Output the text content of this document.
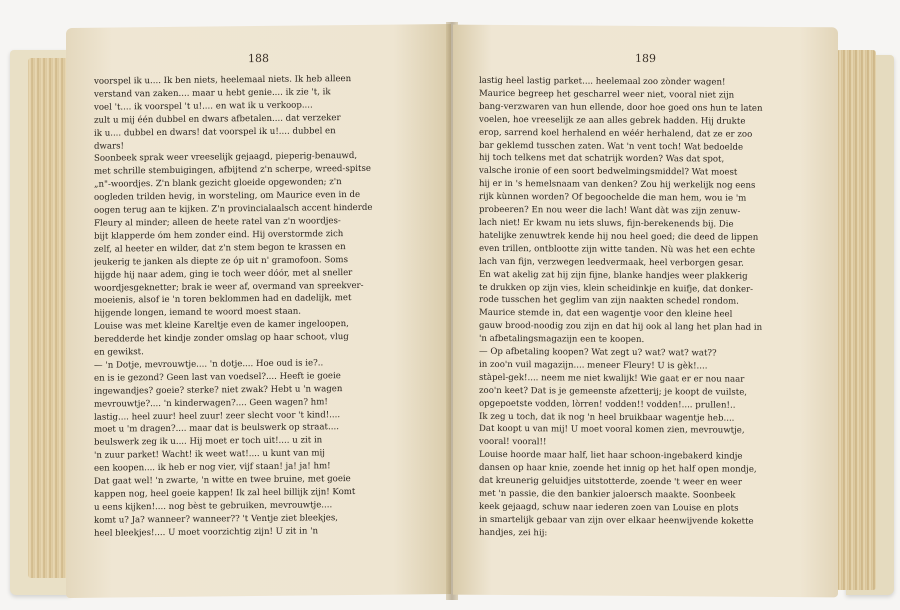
188
voorspel ik u.... Ik ben niets, heelemaal niets. Ik heb alleen
verstand van zaken.... maar u hebt genie.... ik zie 't, ik
voel 't.... ik voorspel 't u!.... en wat ik u verkoop....
zult u mij één dubbel en dwars afbetalen.... dat verzeker
ik u.... dubbel en dwars! dat voorspel ik u!.... dubbel en
dwars!
Soonbeek sprak weer vreeselijk gejaagd, pieperig-benauwd,
met schrille stembuigingen, afbijtend z'n scherpe, wreed-spitse
„n"-woordjes. Z'n blank gezicht gloeide opgewonden; z'n
oogleden trilden hevig, in worsteling, om Maurice even in de
oogen terug aan te kijken. Z'n provincialaalsch accent hinderde
Fleury al minder; alleen de heete ratel van z'n woordjes-
bijt klapperde óm hem zonder eind. Hij overstormde zich
zelf, al heeter en wilder, dat z'n stem begon te krassen en
jeukerig te janken als diepte ze óp uit n' gramofoon. Soms
hijgde hij naar adem, ging ie toch weer dóór, met al sneller
woordjesgeknetter; brak ie weer af, overmand van spreekver-
moeienis, alsof ie 'n toren beklommen had en dadelijk, met
hijgende longen, iemand te woord moest staan.
Louise was met kleine Kareltje even de kamer ingeloopen,
beredderde het kindje zonder omslag op haar schoot, vlug
en gewikst.
— 'n Dotje, mevrouwtje.... 'n dotje.... Hoe oud is ie?..
en is ie gezond? Geen last van voedsel?.... Heeft ie goeie
ingewandjes? goeie? sterke? niet zwak? Hebt u 'n wagen
mevrouwtje?.... 'n kinderwagen?.... Geen wagen? hm!
lastig.... heel zuur! heel zuur! zeer slecht voor 't kind!....
moet u 'm dragen?.... maar dat is beulswerk op straat....
beulswerk zeg ik u.... Hij moet er toch uit!.... u zit in
'n zuur parket! Wacht! ik weet wat!.... u kunt van mij
een koopen.... ik heb er nog vier, vijf staan! ja! ja! hm!
Dat gaat wel! 'n zwarte, 'n witte en twee bruine, met goeie
kappen nog, heel goeie kappen! Ik zal heel billijk zijn! Komt
u eens kijken!.... nog bèst te gebruiken, mevrouwtje....
komt u? Ja? wanneer? wanneer?? 't Ventje ziet bleekjes,
heel bleekjes!.... U moet voorzichtig zijn! U zit in 'n
189
lastig heel lastig parket.... heelemaal zoo zònder wagen!
Maurice begreep het gescharrel weer niet, vooral niet zijn
bang-verzwaren van hun ellende, door hoe goed ons hun te laten
voelen, hoe vreeselijk ze aan alles gebrek hadden. Hij drukte
erop, sarrend koel herhalend en wéér herhalend, dat ze er zoo
bar geklemd tusschen zaten. Wat 'n vent toch! Wat bedoelde
hij toch telkens met dat schatrijk worden? Was dat spot,
valsche ironie of een soort bedwelmingsmiddel? Wat moest
hij er in 's hemelsnaam van denken? Zou hij werkelijk nog eens
rijk kùnnen worden? Of begoochelde die man hem, wou ie 'm
probeeren? En nou weer die lach! Want dàt was zijn zenuw-
lach niet! Er kwam nu iets sluws, fijn-berekenends bij. Die
hatelijke zenuwtrek kende hij nou heel goed; die deed de lippen
even trillen, ontblootte zijn witte tanden. Nù was het een echte
lach van fijn, verzwegen leedvermaak, heel verborgen gesar.
En wat akelig zat hij zijn fijne, blanke handjes weer plakkerig
te drukken op zijn vies, klein scheidinkje en kuifje, dat donker-
rode tusschen het geglim van zijn naakten schedel rondom.
Maurice stemde in, dat een wagentje voor den kleine heel
gauw brood-noodig zou zijn en dat hij ook al lang het plan had in
'n afbetalingsmagazijn een te koopen.
— Op afbetaling koopen? Wat zegt u? wat? wat? wat??
in zoo'n vuil magazijn.... meneer Fleury! U is gèk!....
stàpel-gek!.... neem me niet kwalijk! Wie gaat er er nou naar
zoo'n keet? Dat is je gemeenste afzetterij; je koopt de vuilste,
opgepoetste vodden, lòrren! vodden!! vodden!.... prullen!..
Ik zeg u toch, dat ik nog 'n heel bruikbaar wagentje heb....
Dat koopt u van mij! U moet vooral komen zien, mevrouwtje,
vooral! vooral!!
Louise hoorde maar half, liet haar schoon-ingebakerd kindje
dansen op haar knie, zoende het innig op het half open mondje,
dat kreunerig geluidjes uitstotterde, zoende 't weer en weer
met 'n passie, die den bankier jaloersch maakte. Soonbeek
keek gejaagd, schuw naar iederen zoen van Louise en plots
in smartelijk gebaar van zijn over elkaar heenwijvende kokette
handjes, zei hij:
